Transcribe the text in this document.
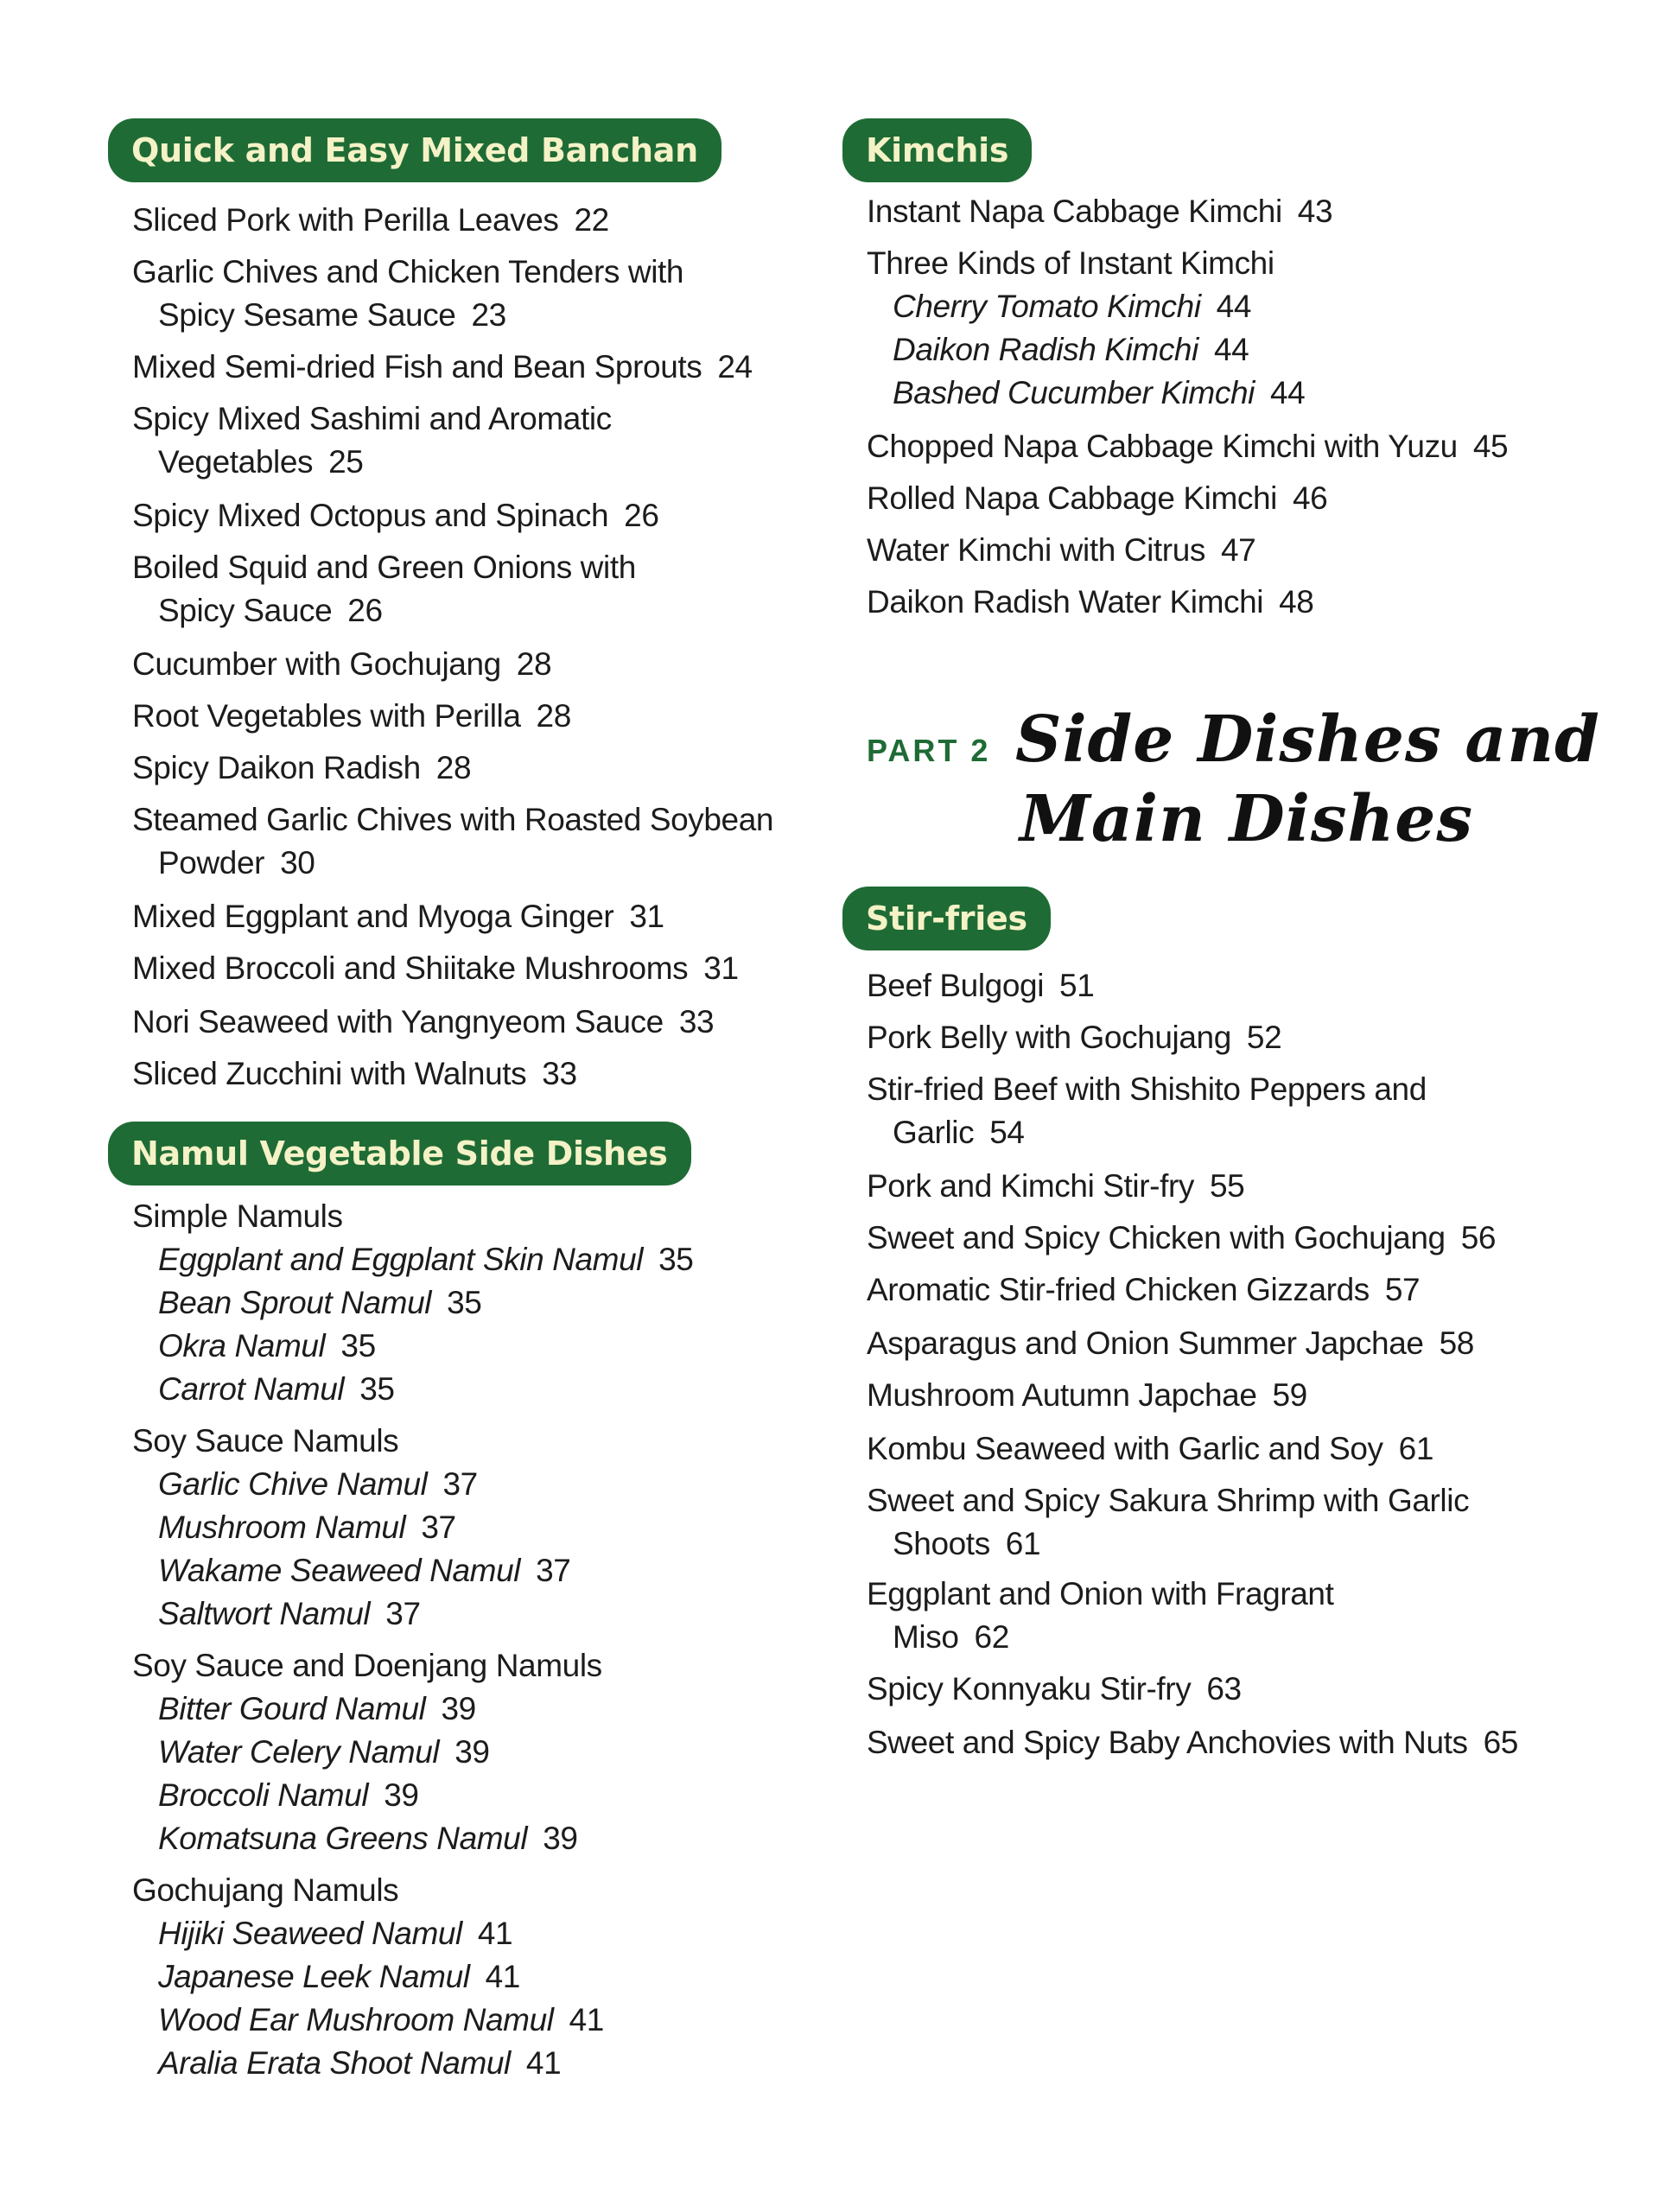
Quick and Easy Mixed Banchan
Sliced Pork with Perilla Leaves 22
Garlic Chives and Chicken Tenders with
Spicy Sesame Sauce 23
Mixed Semi-dried Fish and Bean Sprouts 24
Spicy Mixed Sashimi and Aromatic
Vegetables 25
Spicy Mixed Octopus and Spinach 26
Boiled Squid and Green Onions with
Spicy Sauce 26
Cucumber with Gochujang 28
Root Vegetables with Perilla 28
Spicy Daikon Radish 28
Steamed Garlic Chives with Roasted Soybean
Powder 30
Mixed Eggplant and Myoga Ginger 31
Mixed Broccoli and Shiitake Mushrooms 31
Nori Seaweed with Yangnyeom Sauce 33
Sliced Zucchini with Walnuts 33
Namul Vegetable Side Dishes
Simple Namuls
Eggplant and Eggplant Skin Namul 35
Bean Sprout Namul 35
Okra Namul 35
Carrot Namul 35
Soy Sauce Namuls
Garlic Chive Namul 37
Mushroom Namul 37
Wakame Seaweed Namul 37
Saltwort Namul 37
Soy Sauce and Doenjang Namuls
Bitter Gourd Namul 39
Water Celery Namul 39
Broccoli Namul 39
Komatsuna Greens Namul 39
Gochujang Namuls
Hijiki Seaweed Namul 41
Japanese Leek Namul 41
Wood Ear Mushroom Namul 41
Aralia Erata Shoot Namul 41
Kimchis
Instant Napa Cabbage Kimchi 43
Three Kinds of Instant Kimchi
Cherry Tomato Kimchi 44
Daikon Radish Kimchi 44
Bashed Cucumber Kimchi 44
Chopped Napa Cabbage Kimchi with Yuzu 45
Rolled Napa Cabbage Kimchi 46
Water Kimchi with Citrus 47
Daikon Radish Water Kimchi 48
PART 2 Side Dishes and
Main Dishes
Stir-fries
Beef Bulgogi 51
Pork Belly with Gochujang 52
Stir-fried Beef with Shishito Peppers and
Garlic 54
Pork and Kimchi Stir-fry 55
Sweet and Spicy Chicken with Gochujang 56
Aromatic Stir-fried Chicken Gizzards 57
Asparagus and Onion Summer Japchae 58
Mushroom Autumn Japchae 59
Kombu Seaweed with Garlic and Soy 61
Sweet and Spicy Sakura Shrimp with Garlic
Shoots 61
Eggplant and Onion with Fragrant
Miso 62
Spicy Konnyaku Stir-fry 63
Sweet and Spicy Baby Anchovies with Nuts 65
